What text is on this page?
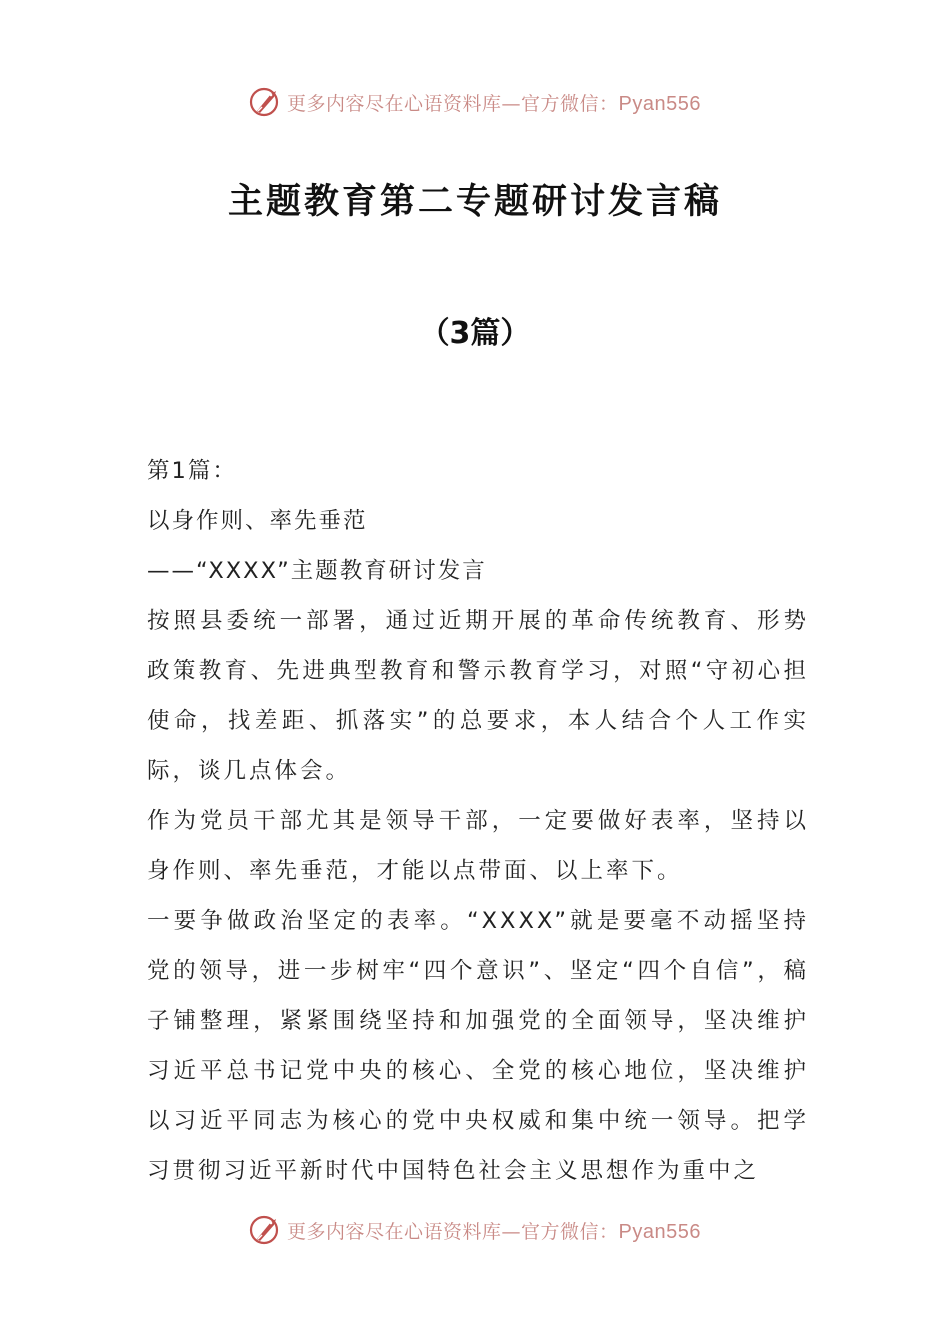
更多内容尽在心语资料库—官方微信：Pyan556
主题教育第二专题研讨发言稿
（3篇）

第1篇：

以身作则、率先垂范

——“XXXX”主题教育研讨发言

按照县委统一部署，通过近期开展的革命传统教育、形势政策教育、先进典型教育和警示教育学习，对照“守初心担使命，找差距、抓落实”的总要求，本人结合个人工作实际，谈几点体会。

作为党员干部尤其是领导干部，一定要做好表率，坚持以身作则、率先垂范，才能以点带面、以上率下。

一要争做政治坚定的表率。“XXXX”就是要毫不动摇坚持党的领导，进一步树牢“四个意识”、坚定“四个自信”，稿子铺整理，紧紧围绕坚持和加强党的全面领导，坚决维护习近平总书记党中央的核心、全党的核心地位，坚决维护以习近平同志为核心的党中央权威和集中统一领导。把学习贯彻习近平新时代中国特色社会主义思想作为重中之

更多内容尽在心语资料库—官方微信：Pyan556
